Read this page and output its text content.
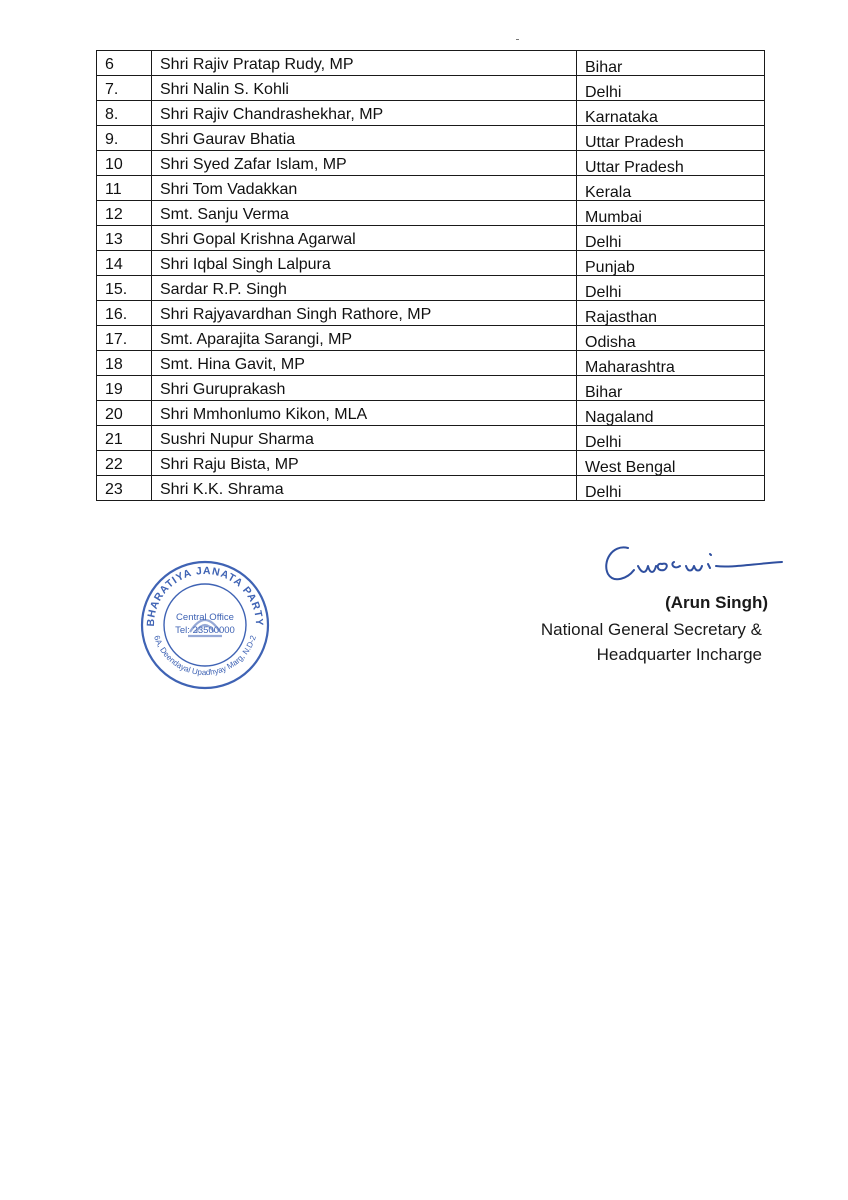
6	Shri Rajiv Pratap Rudy, MP	Bihar
7.	Shri Nalin S. Kohli	Delhi
8.	Shri Rajiv Chandrashekhar, MP	Karnataka
9.	Shri Gaurav Bhatia	Uttar Pradesh
10	Shri Syed Zafar Islam, MP	Uttar Pradesh
11	Shri Tom Vadakkan	Kerala
12	Smt. Sanju Verma	Mumbai
13	Shri Gopal Krishna Agarwal	Delhi
14	Shri Iqbal Singh Lalpura	Punjab
15.	Sardar R.P. Singh	Delhi
16.	Shri Rajyavardhan Singh Rathore, MP	Rajasthan
17.	Smt. Aparajita Sarangi, MP	Odisha
18	Smt. Hina Gavit, MP	Maharashtra
19	Shri Guruprakash	Bihar
20	Shri Mmhonlumo Kikon, MLA	Nagaland
21	Sushri Nupur Sharma	Delhi
22	Shri Raju Bista, MP	West Bengal
23	Shri K.K. Shrama	Delhi
BHARATIYA JANATA PARTY
6A, Deendayal Upadhyay Marg, N.D-2
Central Office
Tel: 23500000
(Arun Singh)
National General Secretary &
Headquarter Incharge
